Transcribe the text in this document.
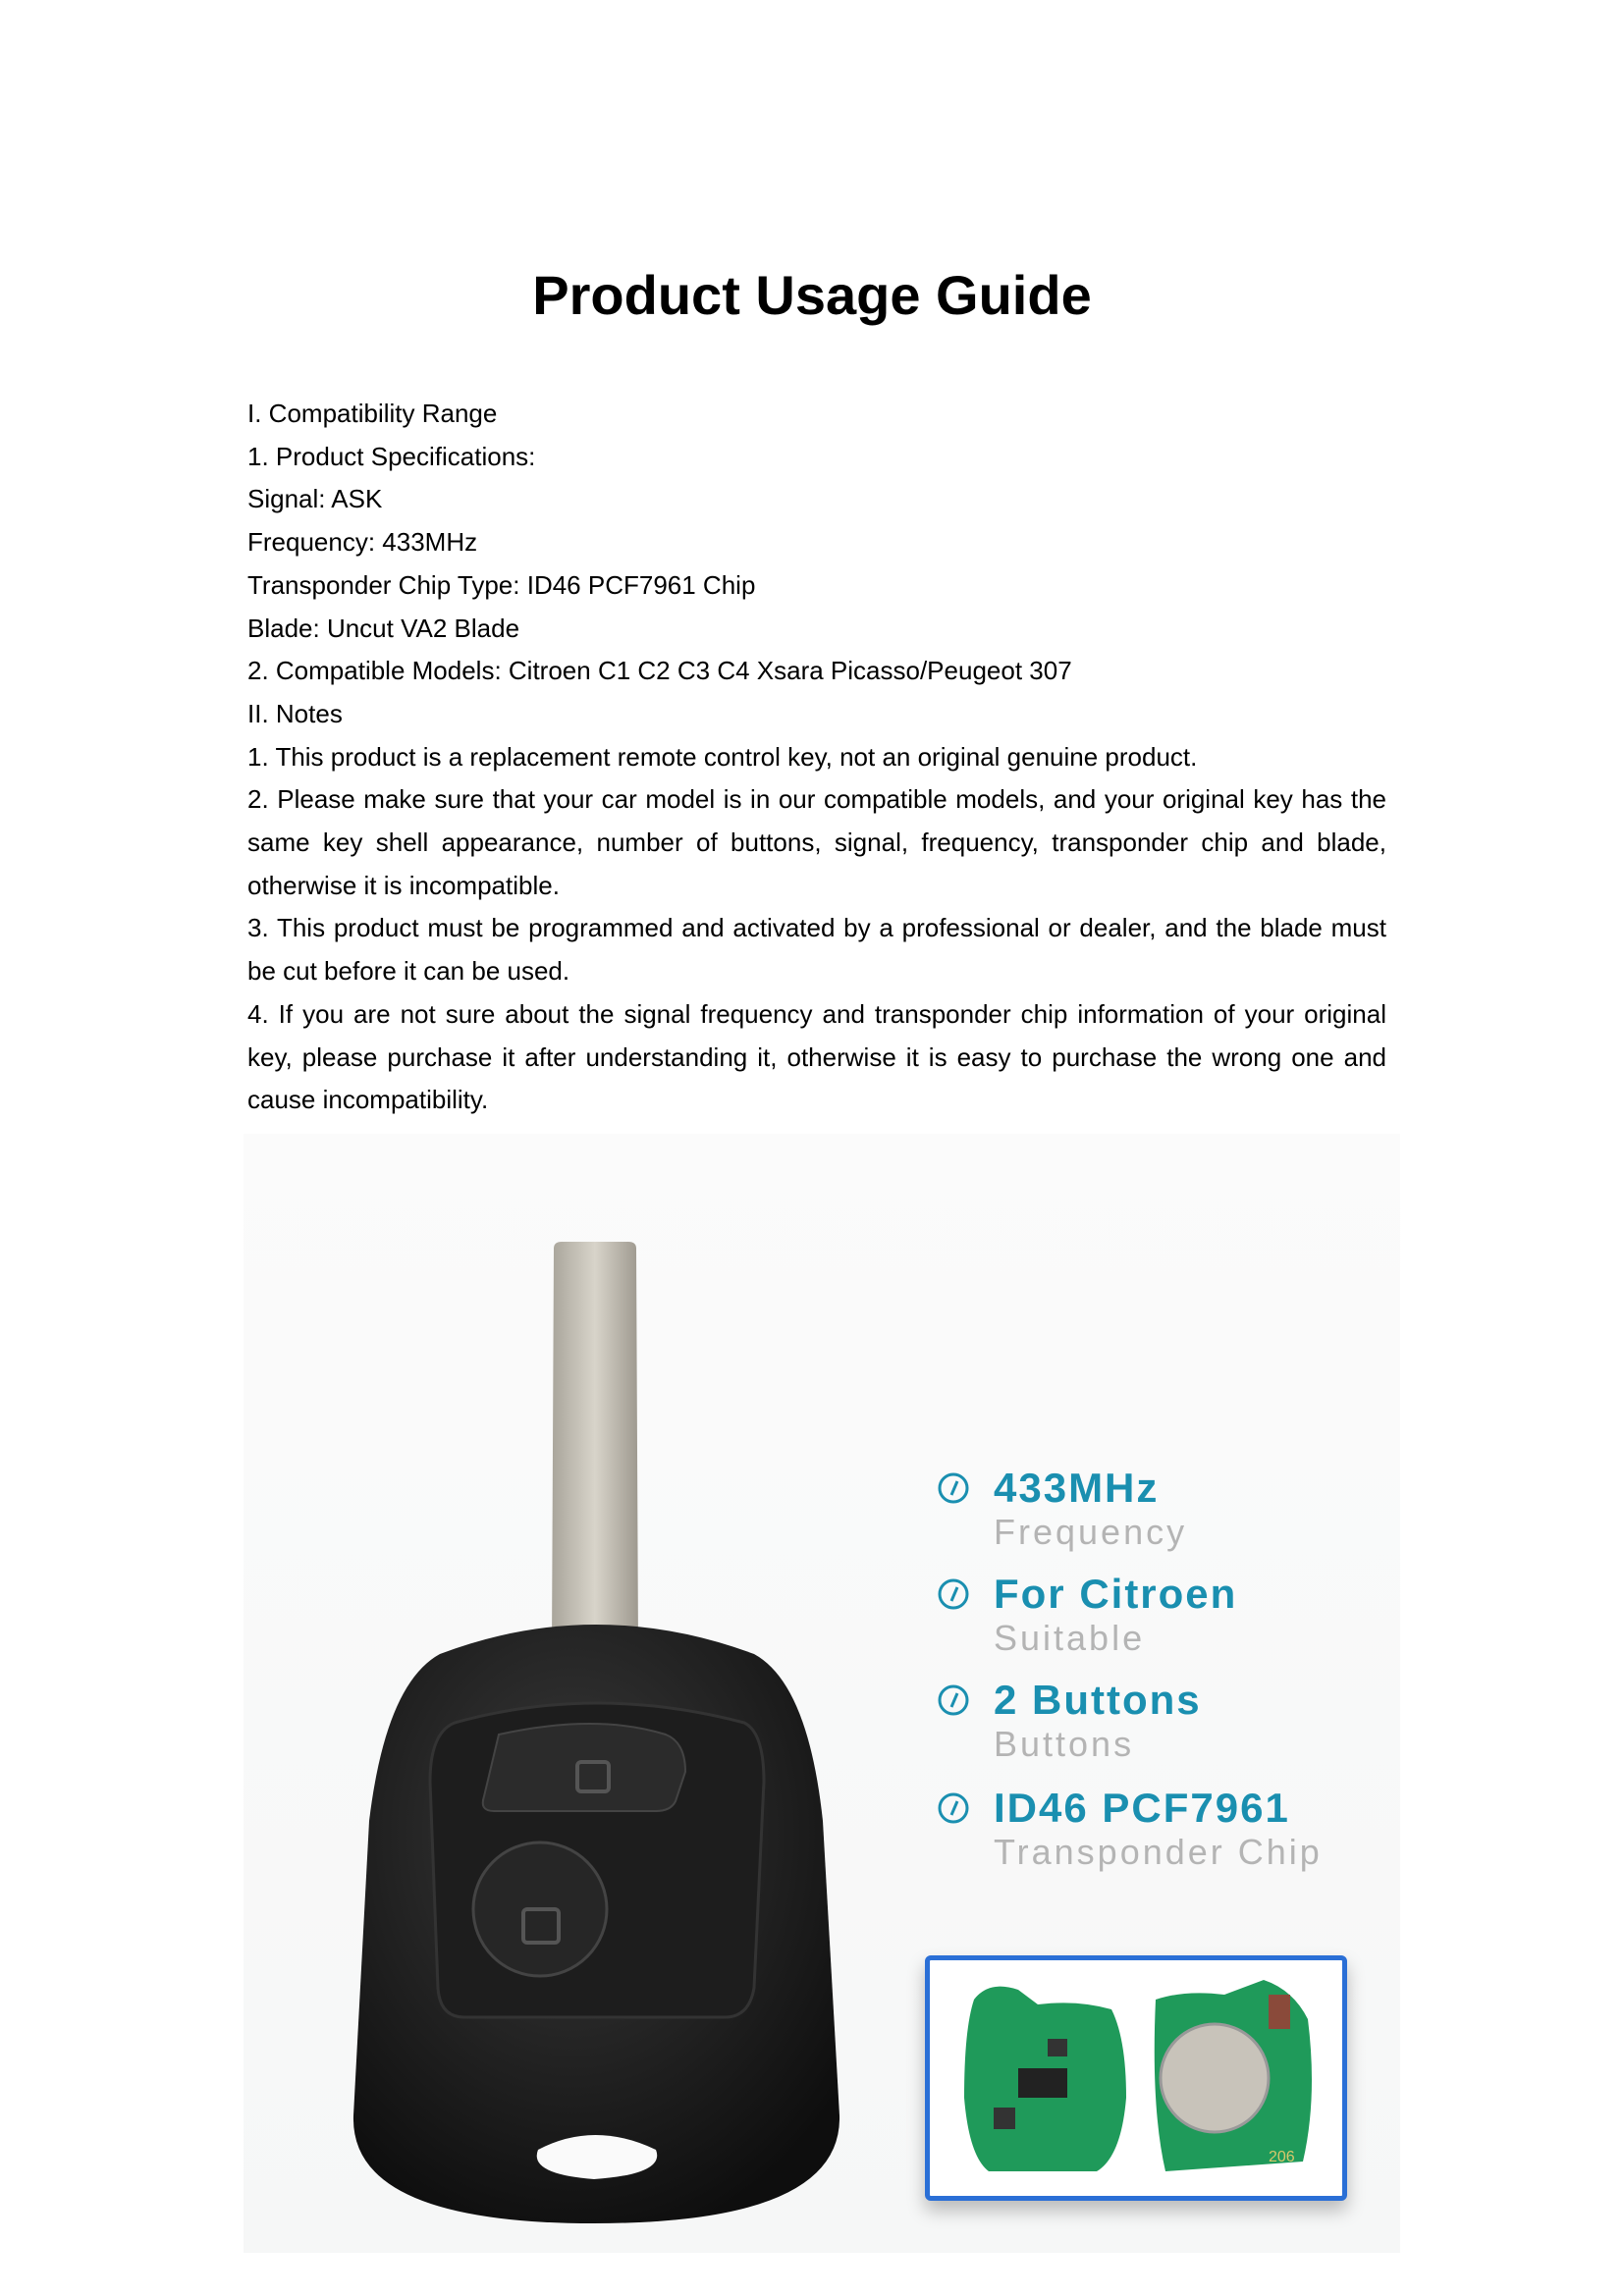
Product Usage Guide

I. Compatibility Range

1. Product Specifications:

Signal: ASK

Frequency: 433MHz

Transponder Chip Type: ID46 PCF7961 Chip

Blade: Uncut VA2 Blade

2. Compatible Models: Citroen C1 C2 C3 C4 Xsara Picasso/Peugeot 307

II. Notes

1. This product is a replacement remote control key, not an original genuine product.

2. Please make sure that your car model is in our compatible models, and your original key has the same key shell appearance, number of buttons, signal, frequency, transponder chip and blade, otherwise it is incompatible.

3. This product must be programmed and activated by a professional or dealer, and the blade must be cut before it can be used.

4. If you are not sure about the signal frequency and transponder chip information of your original key, please purchase it after understanding it, otherwise it is easy to purchase the wrong one and cause incompatibility.

433MHz
Frequency
For Citroen
Suitable
2 Buttons
Buttons
ID46 PCF7961
Transponder Chip
206
